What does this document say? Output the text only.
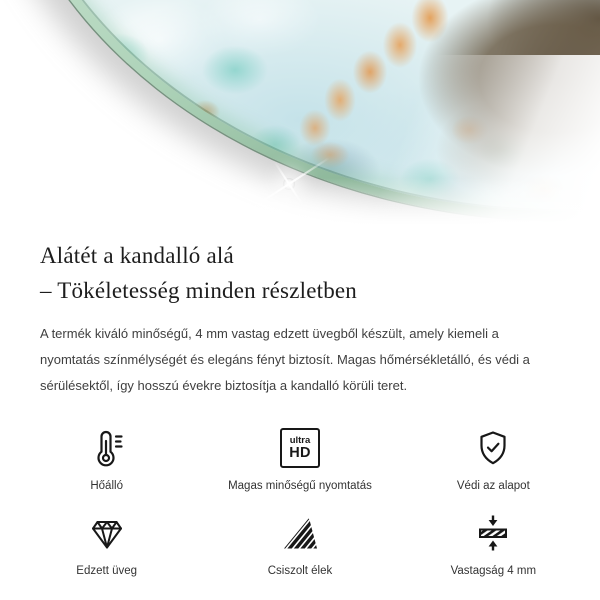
Alátét a kandalló alá
– Tökéletesség minden részletben
A termék kiváló minőségű, 4 mm vastag edzett üvegből készült, amely kiemeli a nyomtatás színmélységét és elegáns fényt biztosít. Magas hőmérsékletálló, és védi a sérülésektől, így hosszú évekre biztosítja a kandalló körüli teret.
Hőálló
ultra
HD
Magas minőségű nyomtatás	Védi az alapot
Edzett üveg	Csiszolt élek	Vastagság 4 mm
